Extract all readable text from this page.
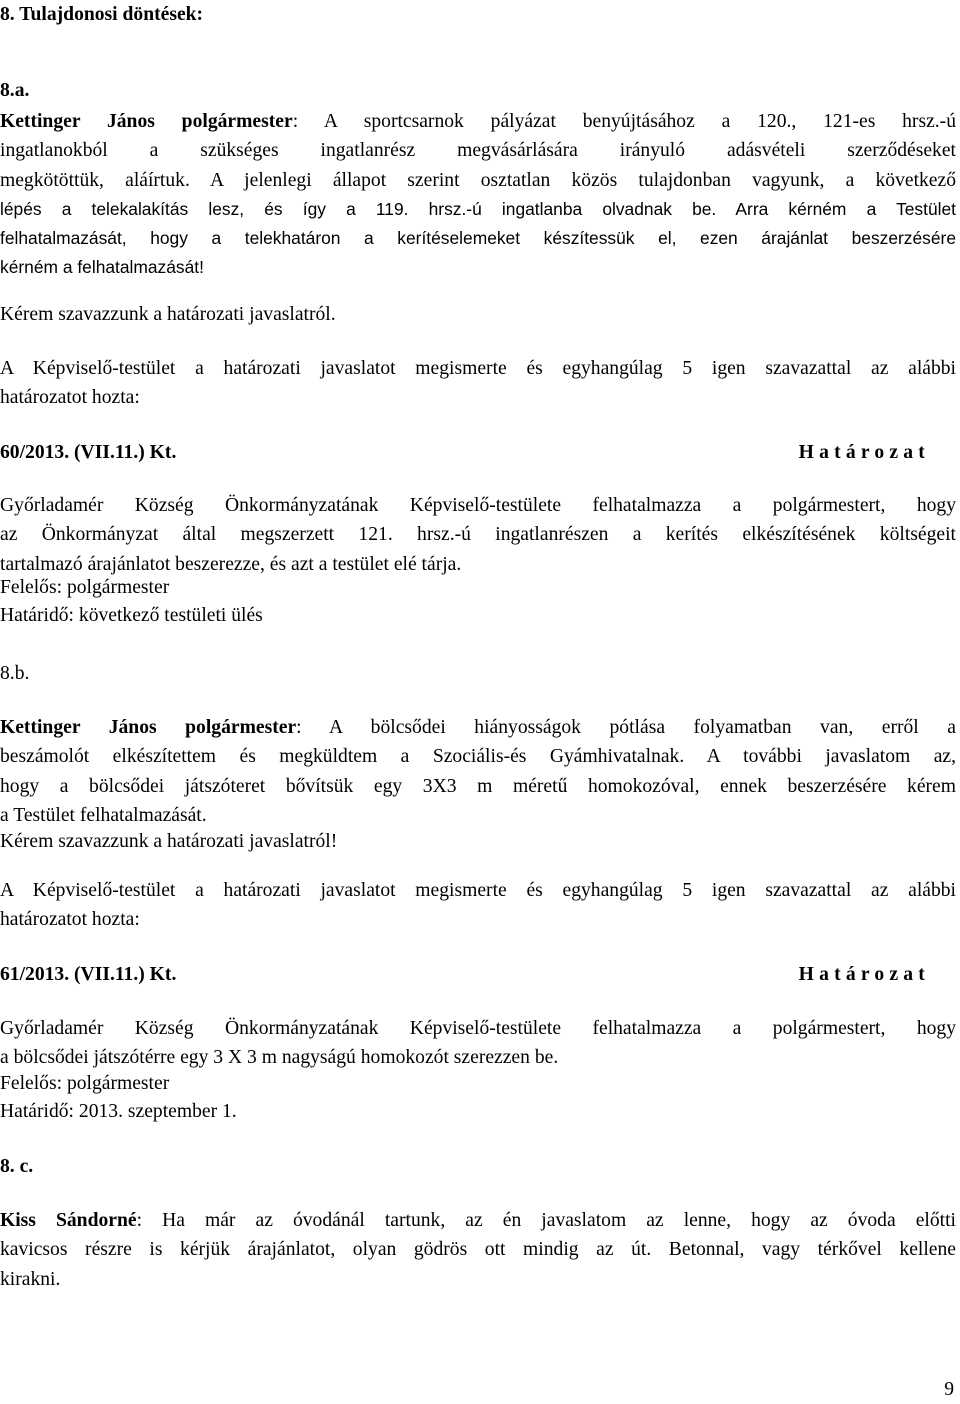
8. Tulajdonosi döntések:
8.a.
Kettinger János polgármester: A sportcsarnok pályázat benyújtásához a 120., 121-es hrsz.-ú
ingatlanokból a szükséges ingatlanrész megvásárlására irányuló adásvételi szerződéseket
megkötöttük, aláírtuk. A jelenlegi állapot szerint osztatlan közös tulajdonban vagyunk, a következő
lépés a telekalakítás lesz, és így a 119. hrsz.-ú ingatlanba olvadnak be. Arra kérném a Testület
felhatalmazását, hogy a telekhatáron a kerítéselemeket készítessük el, ezen árajánlat beszerzésére
kérném a felhatalmazását!
Kérem szavazzunk a határozati javaslatról.
A Képviselő-testület a határozati javaslatot megismerte és egyhangúlag 5 igen szavazattal az alábbi
határozatot hozta:
60/2013. (VII.11.) Kt.	Határozat
Győrladamér Község Önkormányzatának Képviselő-testülete felhatalmazza a polgármestert, hogy
az Önkormányzat által megszerzett 121. hrsz.-ú ingatlanrészen a kerítés elkészítésének költségeit
tartalmazó árajánlatot beszerezze, és azt a testület elé tárja.
Felelős: polgármester
Határidő: következő testületi ülés
8.b.
Kettinger János polgármester: A bölcsődei hiányosságok pótlása folyamatban van, erről a
beszámolót elkészítettem és megküldtem a Szociális-és Gyámhivatalnak. A további javaslatom az,
hogy a bölcsődei játszóteret bővítsük egy 3X3 m méretű homokozóval, ennek beszerzésére kérem
a Testület felhatalmazását.
Kérem szavazzunk a határozati javaslatról!
A Képviselő-testület a határozati javaslatot megismerte és egyhangúlag 5 igen szavazattal az alábbi
határozatot hozta:
61/2013. (VII.11.) Kt.	Határozat
Győrladamér Község Önkormányzatának Képviselő-testülete felhatalmazza a polgármestert, hogy
a bölcsődei játszótérre egy 3 X 3 m nagyságú homokozót szerezzen be.
Felelős: polgármester
Határidő: 2013. szeptember 1.
8. c.
Kiss Sándorné: Ha már az óvodánál tartunk, az én javaslatom az lenne, hogy az óvoda előtti
kavicsos részre is kérjük árajánlatot, olyan gödrös ott mindig az út. Betonnal, vagy térkővel kellene
kirakni.
9
